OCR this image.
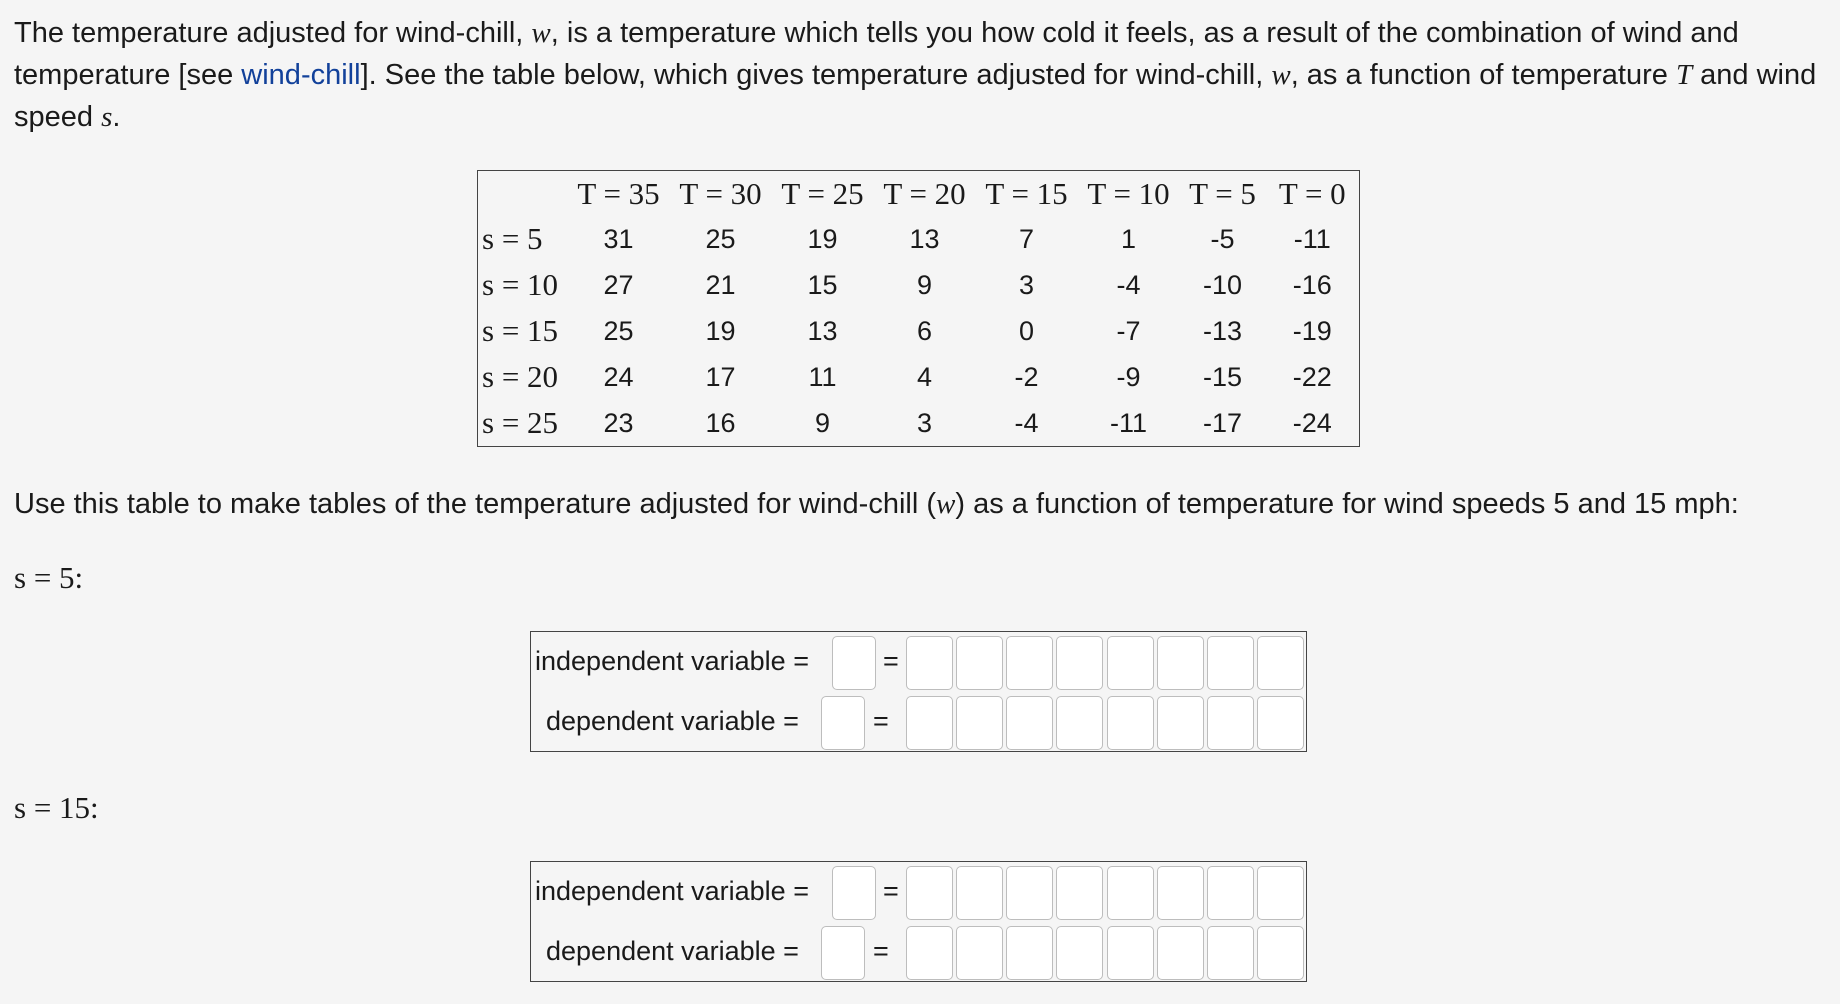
The temperature adjusted for wind-chill, w, is a temperature which tells you how cold it feels, as a result of the combination of wind and temperature [see wind-chill]. See the table below, which gives temperature adjusted for wind-chill, w, as a function of temperature T and wind speed s.
	T = 35	T = 30	T = 25	T = 20	T = 15	T = 10	T = 5	T = 0
s = 5	31	25	19	13	7	1	-5	-11
s = 10	27	21	15	9	3	-4	-10	-16
s = 15	25	19	13	6	0	-7	-13	-19
s = 20	24	17	11	4	-2	-9	-15	-22
s = 25	23	16	9	3	-4	-11	-17	-24
Use this table to make tables of the temperature adjusted for wind-chill (w) as a function of temperature for wind speeds 5 and 15 mph:
s = 5:
independent variable =	=
dependent variable =	=
s = 15:
independent variable =	=
dependent variable =	=
